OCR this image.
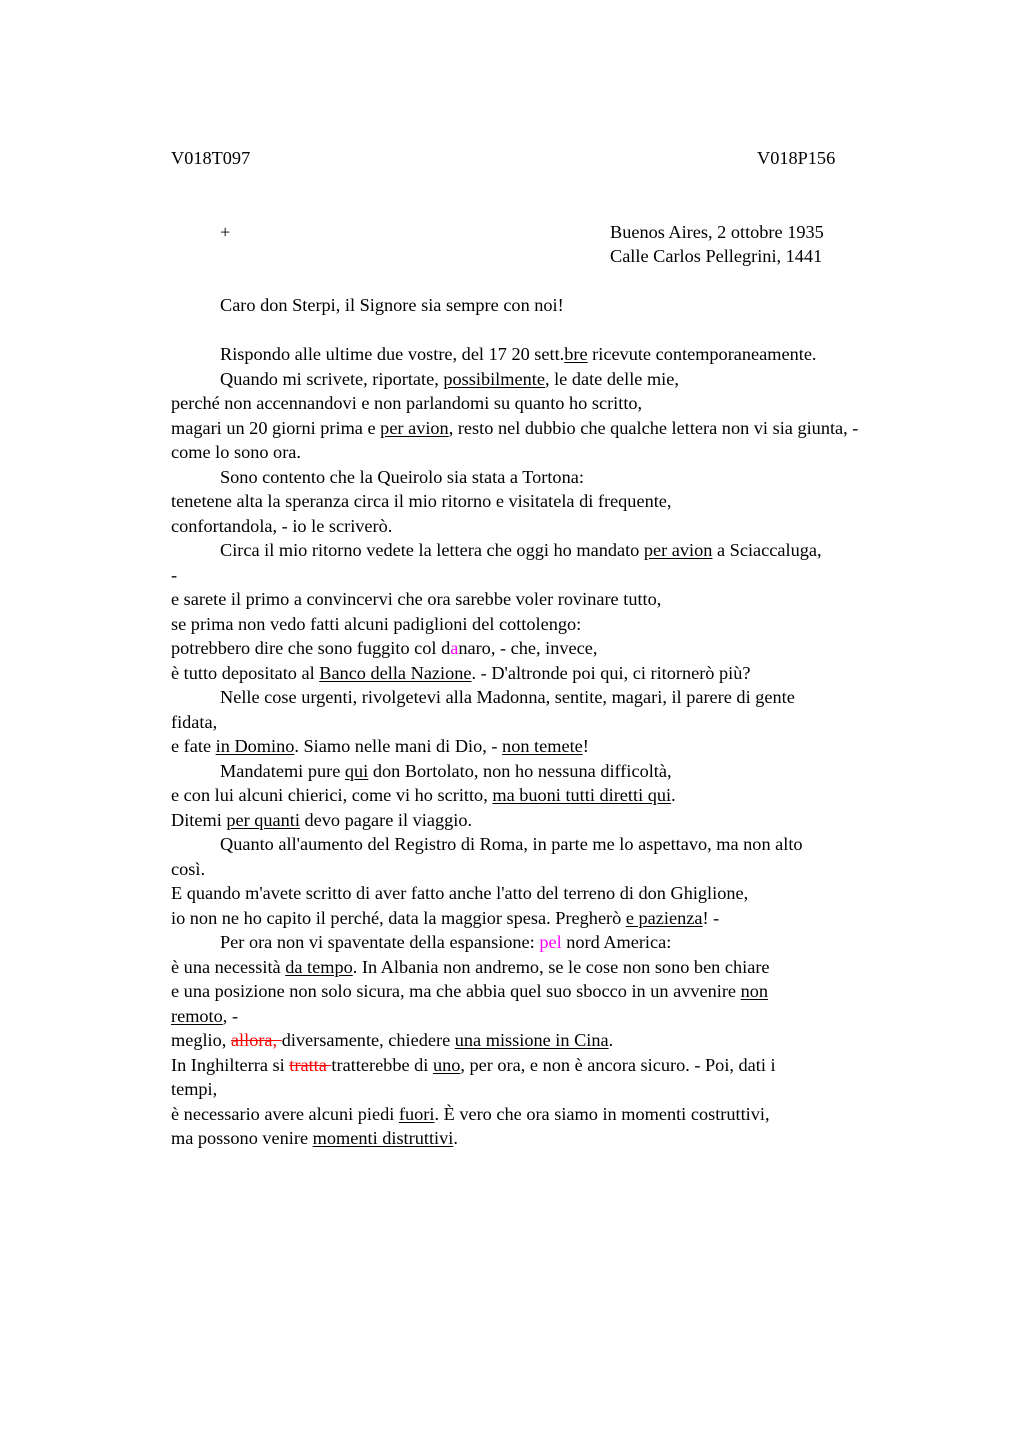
V018T097	V018P156
+	Buenos Aires, 2 ottobre 1935
Calle Carlos Pellegrini, 1441
Caro don Sterpi, il Signore sia sempre con noi!
Rispondo alle ultime due vostre, del 17 20 sett.bre ricevute contemporaneamente.
Quando mi scrivete, riportate, possibilmente, le date delle mie,
perché non accennandovi e non parlandomi su quanto ho scritto,
magari un 20 giorni prima e per avion, resto nel dubbio che qualche lettera non vi sia giunta, -
come lo sono ora.
Sono contento che la Queirolo sia stata a Tortona:
tenetene alta la speranza circa il mio ritorno e visitatela di frequente,
confortandola, - io le scriverò.
Circa il mio ritorno vedete la lettera che oggi ho mandato per avion a Sciaccaluga,
-
e sarete il primo a convincervi che ora sarebbe voler rovinare tutto,
se prima non vedo fatti alcuni padiglioni del cottolengo:
potrebbero dire che sono fuggito col danaro, - che, invece,
è tutto depositato al Banco della Nazione. - D'altronde poi qui, ci ritornerò più?
Nelle cose urgenti, rivolgetevi alla Madonna, sentite, magari, il parere di gente
fidata,
e fate in Domino. Siamo nelle mani di Dio, - non temete!
Mandatemi pure qui don Bortolato, non ho nessuna difficoltà,
e con lui alcuni chierici, come vi ho scritto, ma buoni tutti diretti qui.
Ditemi per quanti devo pagare il viaggio.
Quanto all'aumento del Registro di Roma, in parte me lo aspettavo, ma non alto
così.
E quando m'avete scritto di aver fatto anche l'atto del terreno di don Ghiglione,
io non ne ho capito il perché, data la maggior spesa. Pregherò e pazienza! -
Per ora non vi spaventate della espansione: pel nord America:
è una necessità da tempo. In Albania non andremo, se le cose non sono ben chiare
e una posizione non solo sicura, ma che abbia quel suo sbocco in un avvenire non
remoto, -
meglio, allora, diversamente, chiedere una missione in Cina.
In Inghilterra si tratta tratterebbe di uno, per ora, e non è ancora sicuro. - Poi, dati i
tempi,
è necessario avere alcuni piedi fuori. È vero che ora siamo in momenti costruttivi,
ma possono venire momenti distruttivi.
